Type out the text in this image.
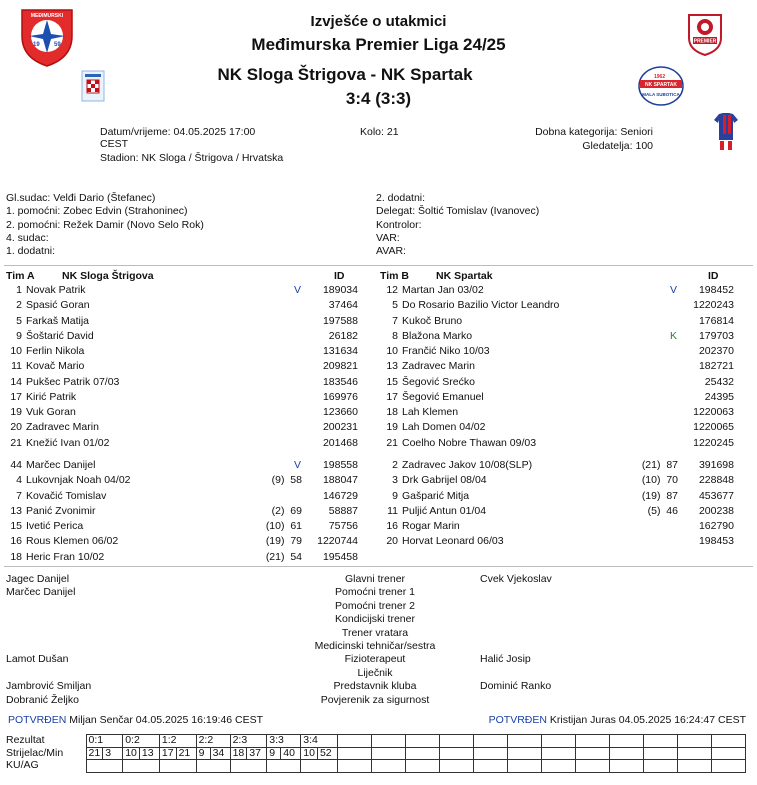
Izvješće o utakmici
Međimurska Premier Liga 24/25
NK Sloga Štrigova - NK Spartak
3:4 (3:3)
MEĐIMURSKI
19 59
PREMIER
1962
NK SPARTAK
MALA SUBOTICA
Datum/vrijeme: 04.05.2025 17:00
CEST
Stadion: NK Sloga / Štrigova / Hrvatska
Kolo: 21	Dobna kategorija: Seniori
Gledatelja: 100
Gl.sudac: Velđi Dario (Štefanec)
1. pomoćni: Zobec Edvin (Strahoninec)
2. pomoćni: Režek Damir (Novo Selo Rok)
4. sudac:
1. dodatni:
2. dodatni:
Delegat: Šoltić Tomislav (Ivanovec)
Kontrolor:
VAR:
AVAR:
Tim A	NK Sloga Štrigova	ID	Tim B	NK Spartak	ID
1 Novak Patrik	V	189034
2 Spasić Goran	37464
5 Farkaš Matija	197588
9 Šoštarić David	26182
10 Ferlin Nikola	131634
11 Kovač Mario	209821
14 Pukšec Patrik 07/03	183546
17 Kirić Patrik	169976
19 Vuk Goran	123660
20 Zadravec Marin	200231
21 Knežić Ivan 01/02	201468
12 Martan Jan 03/02	V	198452
5 Do Rosario Bazilio Victor Leandro	1220243
7 Kukoč Bruno	176814
8 Blažona Marko	K	179703
10 Frančić Niko 10/03	202370
13 Zadravec Marin	182721
15 Šegović Srećko	25432
17 Šegović Emanuel	24395
18 Lah Klemen	1220063
19 Lah Domen 04/02	1220065
21 Coelho Nobre Thawan 09/03	1220245
44 Marčec Danijel	V	198558
4 Lukovnjak Noah 04/02	(9)  58	188047
7 Kovačić Tomislav	146729
13 Panić Zvonimir	(2)  69	58887
15 Ivetić Perica	(10)  61	75756
16 Rous Klemen 06/02	(19)  79	1220744
18 Heric Fran 10/02	(21)  54	195458
2 Zadravec Jakov 10/08(SLP)	(21)  87	391698
3 Drk Gabrijel 08/04	(10)  70	228848
9 Gašparić Mitja	(19)  87	453677
11 Puljić Antun 01/04	(5)  46	200238
16 Rogar Marin	162790
20 Horvat Leonard 06/03	198453
Jagec Danijel	Glavni trener	Cvek Vjekoslav
Marčec Danijel	Pomoćni trener 1
Pomoćni trener 2
Kondicijski trener
Trener vratara
Medicinski tehničar/sestra
Lamot Dušan	Fizioterapeut	Halić Josip
Liječnik
Jambrović Smiljan	Predstavnik kluba	Dominić Ranko
Dobranić Željko	Povjerenik za sigurnost
POTVRĐEN Miljan Senčar 04.05.2025 16:19:46 CEST	POTVRĐEN Kristijan Juras 04.05.2025 16:24:47 CEST
Rezultat	0:1		0:2		1:2		2:2		2:3		3:3		3:4													
Strijelac/Min	21	3	10	13	17	21	9	34	18	37	9	40	10	52												
KU/AG																										
